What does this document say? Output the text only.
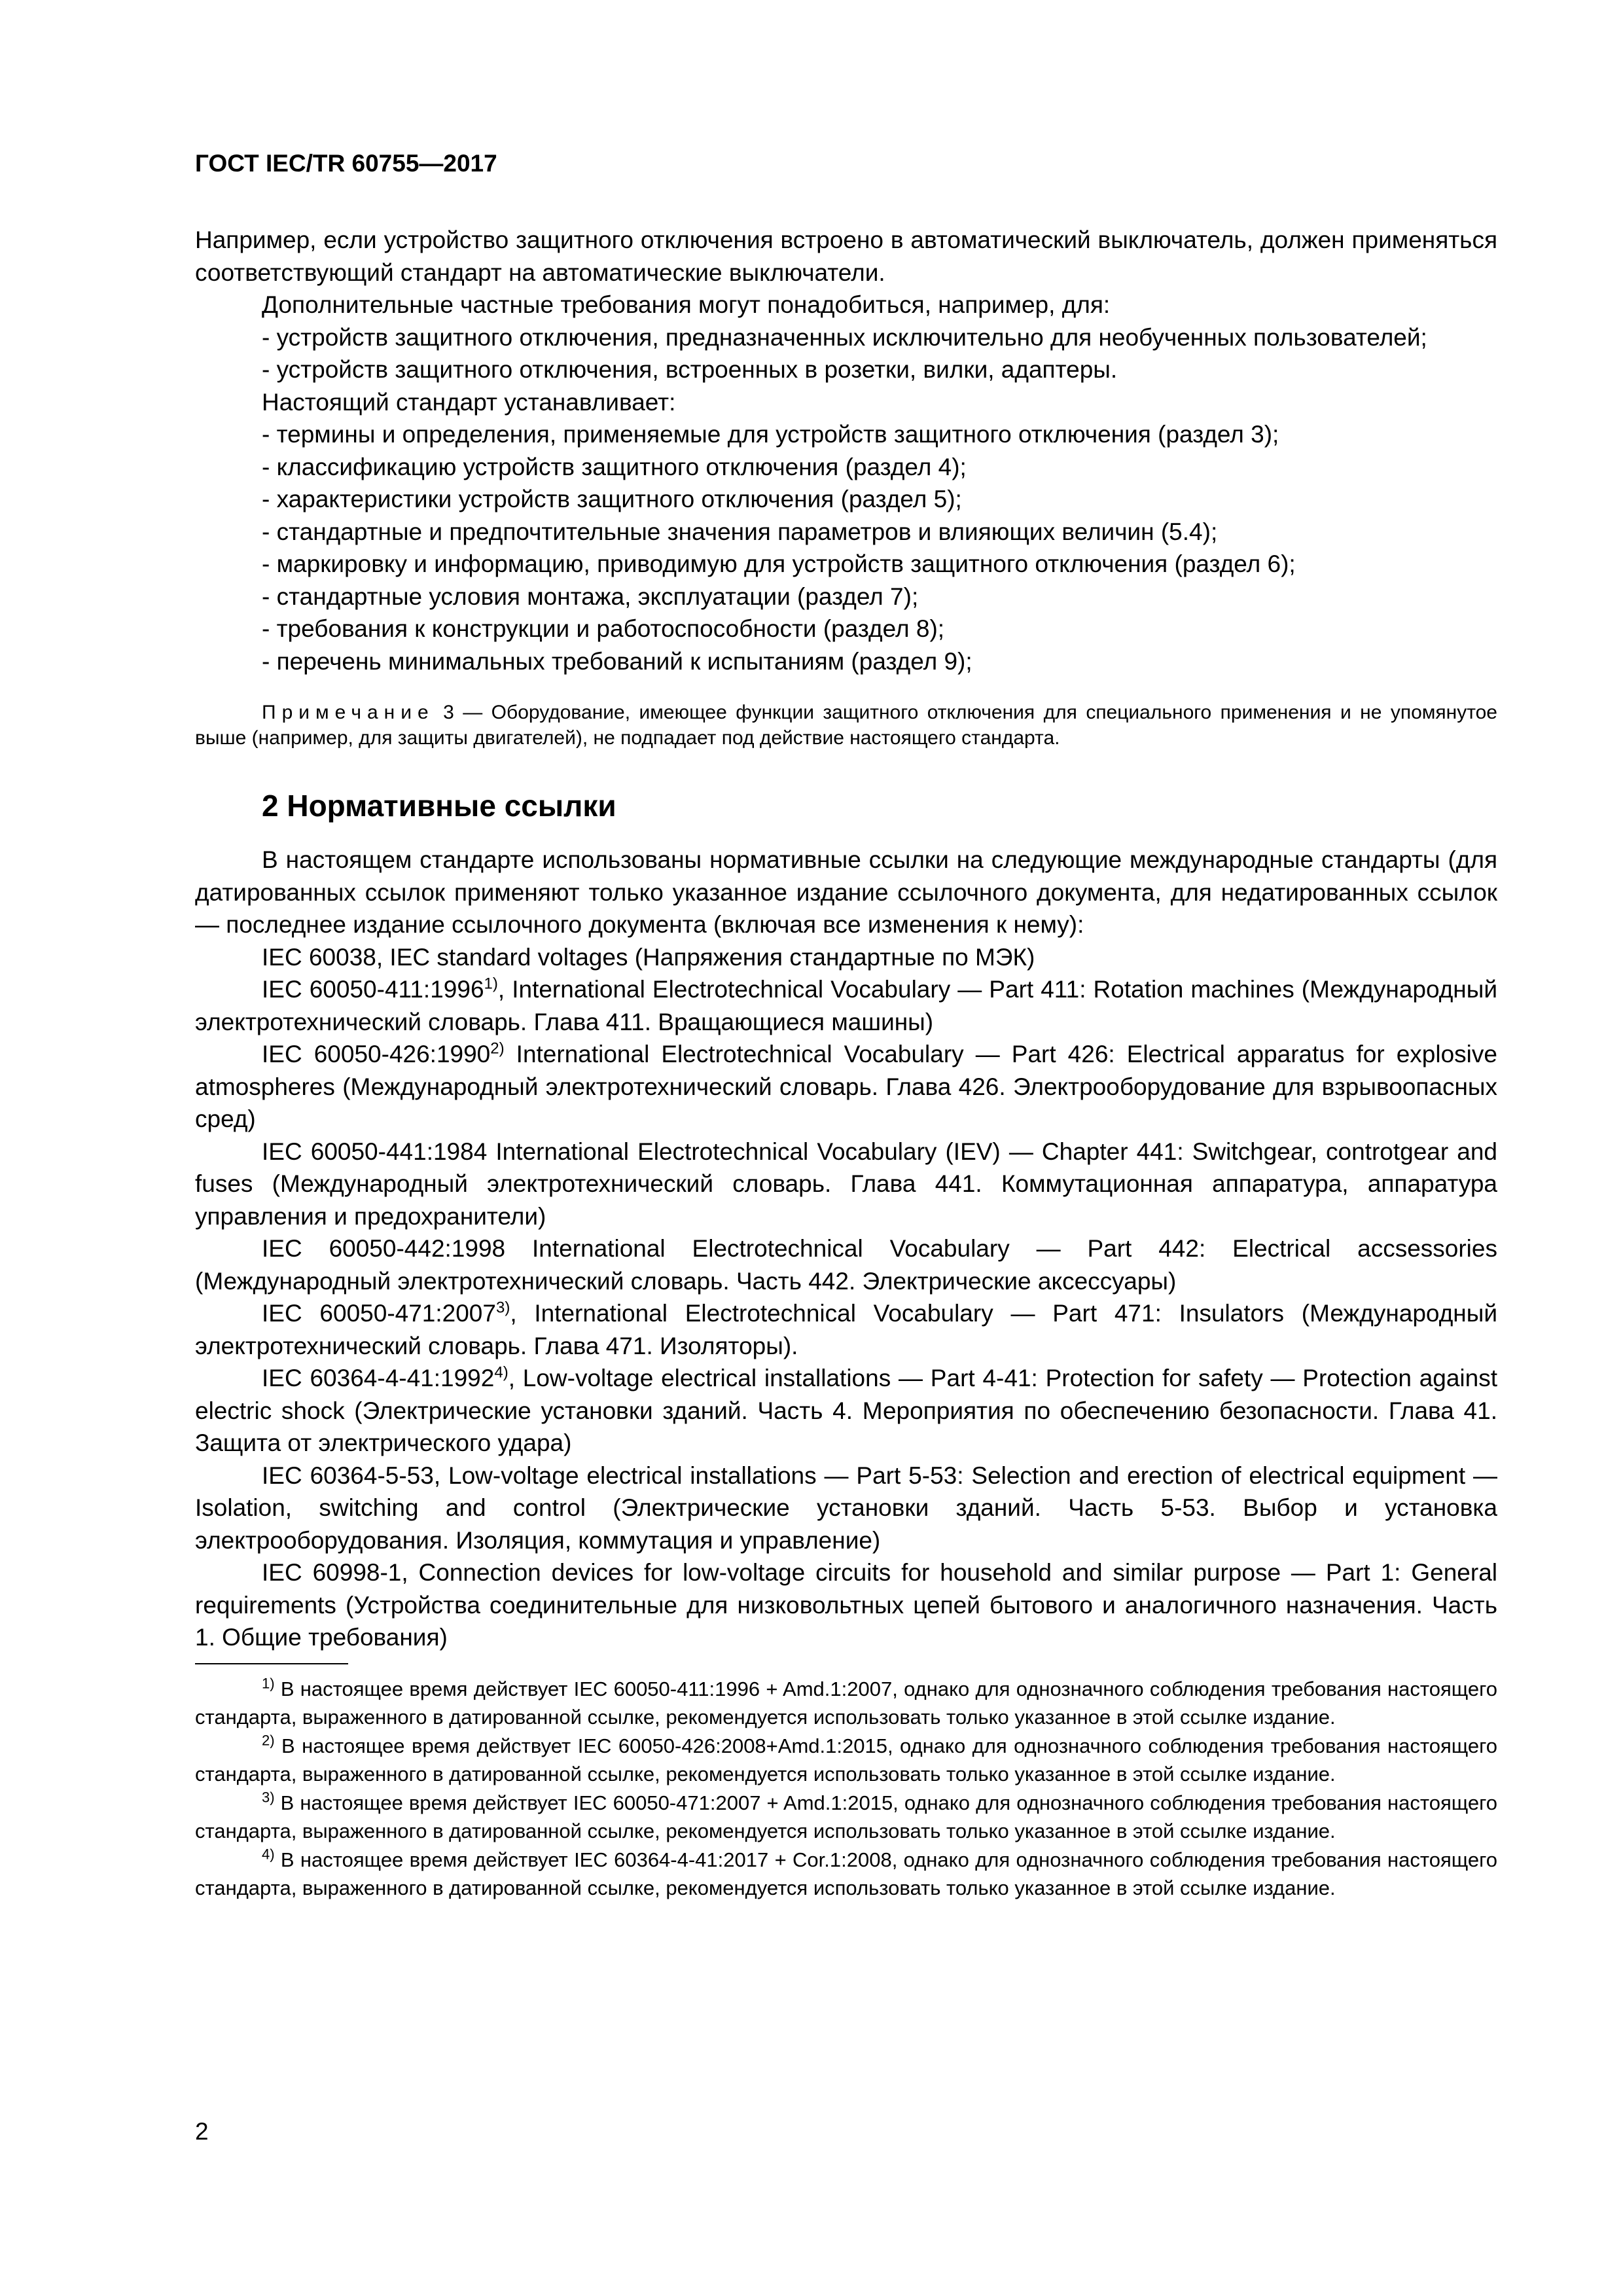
ГОСТ IEC/TR 60755—2017

Например, если устройство защитного отключения встроено в автоматический выключатель, должен применяться соответствующий стандарт на автоматические выключатели.

Дополнительные частные требования могут понадобиться, например, для:

- устройств защитного отключения, предназначенных исключительно для необученных пользователей;

- устройств защитного отключения, встроенных в розетки, вилки, адаптеры.

Настоящий стандарт устанавливает:

- термины и определения, применяемые для устройств защитного отключения (раздел 3);

- классификацию устройств защитного отключения (раздел 4);

- характеристики устройств защитного отключения (раздел 5);

- стандартные и предпочтительные значения параметров и влияющих величин (5.4);

- маркировку и информацию, приводимую для устройств защитного отключения (раздел 6);

- стандартные условия монтажа, эксплуатации (раздел 7);

- требования к конструкции и работоспособности (раздел 8);

- перечень минимальных требований к испытаниям (раздел 9);

Примечание 3 — Оборудование, имеющее функции защитного отключения для специального применения и не упомянутое выше (например, для защиты двигателей), не подпадает под действие настоящего стандарта.

2 Нормативные ссылки

В настоящем стандарте использованы нормативные ссылки на следующие международные стандарты (для датированных ссылок применяют только указанное издание ссылочного документа, для недатированных ссылок — последнее издание ссылочного документа (включая все изменения к нему):

IEC 60038, IEC standard voltages (Напряжения стандартные по МЭК)

IEC 60050-411:1996$^{1)}$, International Electrotechnical Vocabulary — Part 411: Rotation machines (Международный электротехнический словарь. Глава 411. Вращающиеся машины)

IEC 60050-426:1990$^{2)}$ International Electrotechnical Vocabulary — Part 426: Electrical apparatus for explosive atmospheres (Международный электротехнический словарь. Глава 426. Электрооборудование для взрывоопасных сред)

IEC 60050-441:1984 International Electrotechnical Vocabulary (IEV) — Chapter 441: Switchgear, controtgear and fuses (Международный электротехнический словарь. Глава 441. Коммутационная аппаратура, аппаратура управления и предохранители)

IEC 60050-442:1998 International Electrotechnical Vocabulary — Part 442: Electrical accsessories (Международный электротехнический словарь. Часть 442. Электрические аксессуары)

IEC 60050-471:2007$^{3)}$, International Electrotechnical Vocabulary — Part 471: Insulators (Международный электротехнический словарь. Глава 471. Изоляторы).

IEC 60364-4-41:1992$^{4)}$, Low-voltage electrical installations — Part 4-41: Protection for safety — Protection against electric shock (Электрические установки зданий. Часть 4. Мероприятия по обеспечению безопасности. Глава 41. Защита от электрического удара)

IEC 60364-5-53, Low-voltage electrical installations — Part 5-53: Selection and erection of electrical equipment — Isolation, switching and control (Электрические установки зданий. Часть 5-53. Выбор и установка электрооборудования. Изоляция, коммутация и управление)

IEC 60998-1, Connection devices for low-voltage circuits for household and similar purpose — Part 1: General requirements (Устройства соединительные для низковольтных цепей бытового и аналогичного назначения. Часть 1. Общие требования)

$^{1)}$ В настоящее время действует IEC 60050-411:1996 + Amd.1:2007, однако для однозначного соблюдения требования настоящего стандарта, выраженного в датированной ссылке, рекомендуется использовать только указанное в этой ссылке издание.

$^{2)}$ В настоящее время действует IEC 60050-426:2008+Amd.1:2015, однако для однозначного соблюдения требования настоящего стандарта, выраженного в датированной ссылке, рекомендуется использовать только указанное в этой ссылке издание.

$^{3)}$ В настоящее время действует IEC 60050-471:2007 + Amd.1:2015, однако для однозначного соблюдения требования настоящего стандарта, выраженного в датированной ссылке, рекомендуется использовать только указанное в этой ссылке издание.

$^{4)}$ В настоящее время действует IEC 60364-4-41:2017 + Cor.1:2008, однако для однозначного соблюдения требования настоящего стандарта, выраженного в датированной ссылке, рекомендуется использовать только указанное в этой ссылке издание.

2
